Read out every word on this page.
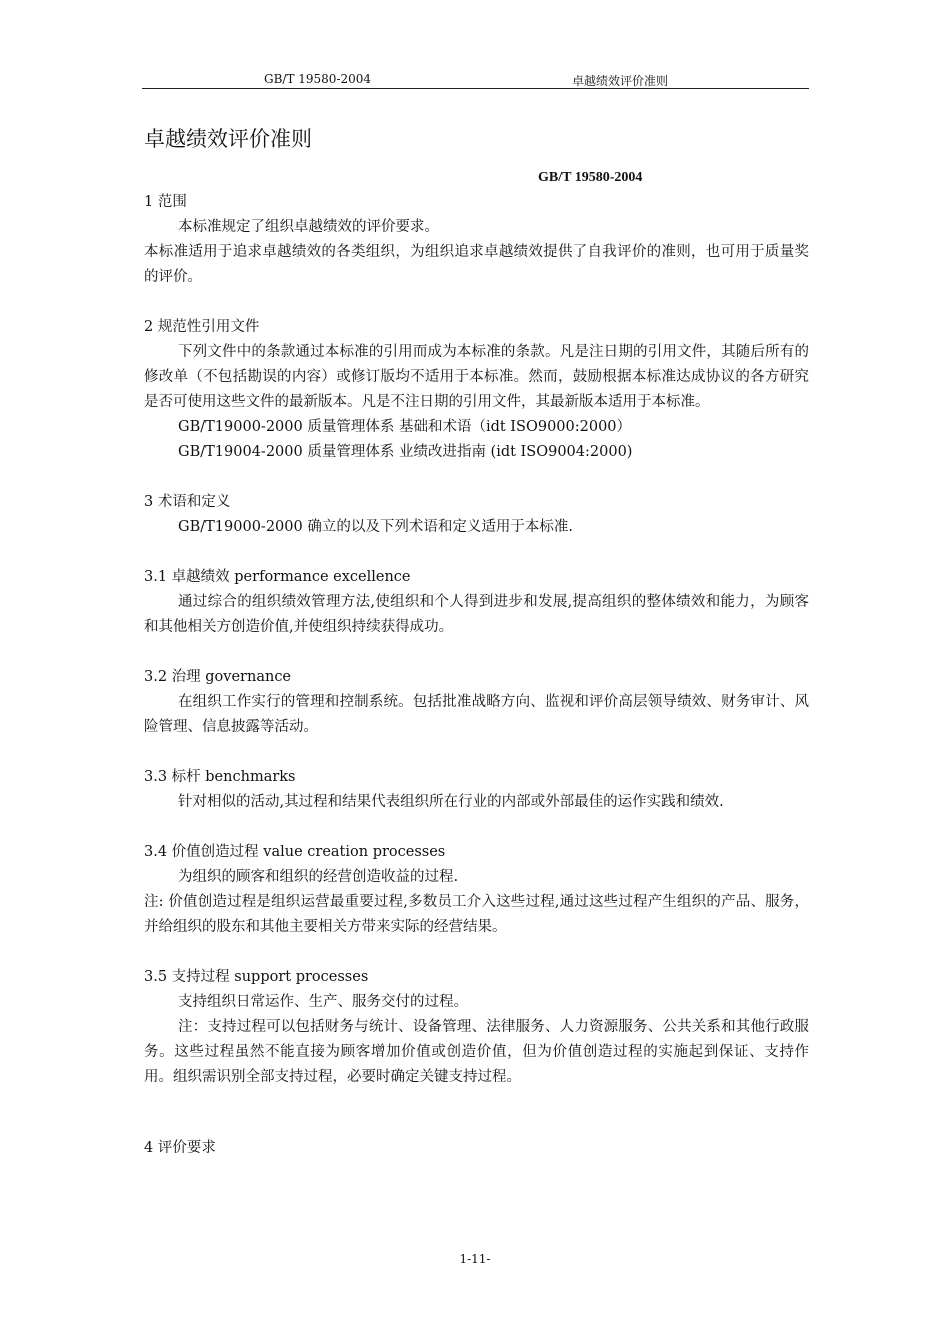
GB/T 19580-2004	卓越绩效评价准则
卓越绩效评价准则
GB/T 19580-2004

1 范围

本标准规定了组织卓越绩效的评价要求。

本标准适用于追求卓越绩效的各类组织，为组织追求卓越绩效提供了自我评价的准则，也可用于质量奖的评价。

2 规范性引用文件

下列文件中的条款通过本标准的引用而成为本标准的条款。凡是注日期的引用文件，其随后所有的修改单（不包括勘误的内容）或修订版均不适用于本标准。然而，鼓励根据本标准达成协议的各方研究是否可使用这些文件的最新版本。凡是不注日期的引用文件，其最新版本适用于本标准。

GB/T19000-2000 质量管理体系 基础和术语（idt ISO9000:2000）

GB/T19004-2000 质量管理体系 业绩改进指南 (idt ISO9004:2000)

3 术语和定义

GB/T19000-2000 确立的以及下列术语和定义适用于本标准.

3.1 卓越绩效 performance excellence

通过综合的组织绩效管理方法,使组织和个人得到进步和发展,提高组织的整体绩效和能力，为顾客和其他相关方创造价值,并使组织持续获得成功。

3.2 治理 governance

在组织工作实行的管理和控制系统。包括批准战略方向、监视和评价高层领导绩效、财务审计、风险管理、信息披露等活动。

3.3 标杆 benchmarks

针对相似的活动,其过程和结果代表组织所在行业的内部或外部最佳的运作实践和绩效.

3.4 价值创造过程 value creation processes

为组织的顾客和组织的经营创造收益的过程.

注: 价值创造过程是组织运营最重要过程,多数员工介入这些过程,通过这些过程产生组织的产品、服务，并给组织的股东和其他主要相关方带来实际的经营结果。

3.5 支持过程 support processes

支持组织日常运作、生产、服务交付的过程。

注：支持过程可以包括财务与统计、设备管理、法律服务、人力资源服务、公共关系和其他行政服务。这些过程虽然不能直接为顾客增加价值或创造价值，但为价值创造过程的实施起到保证、支持作用。组织需识别全部支持过程，必要时确定关键支持过程。

4 评价要求

1-11-
